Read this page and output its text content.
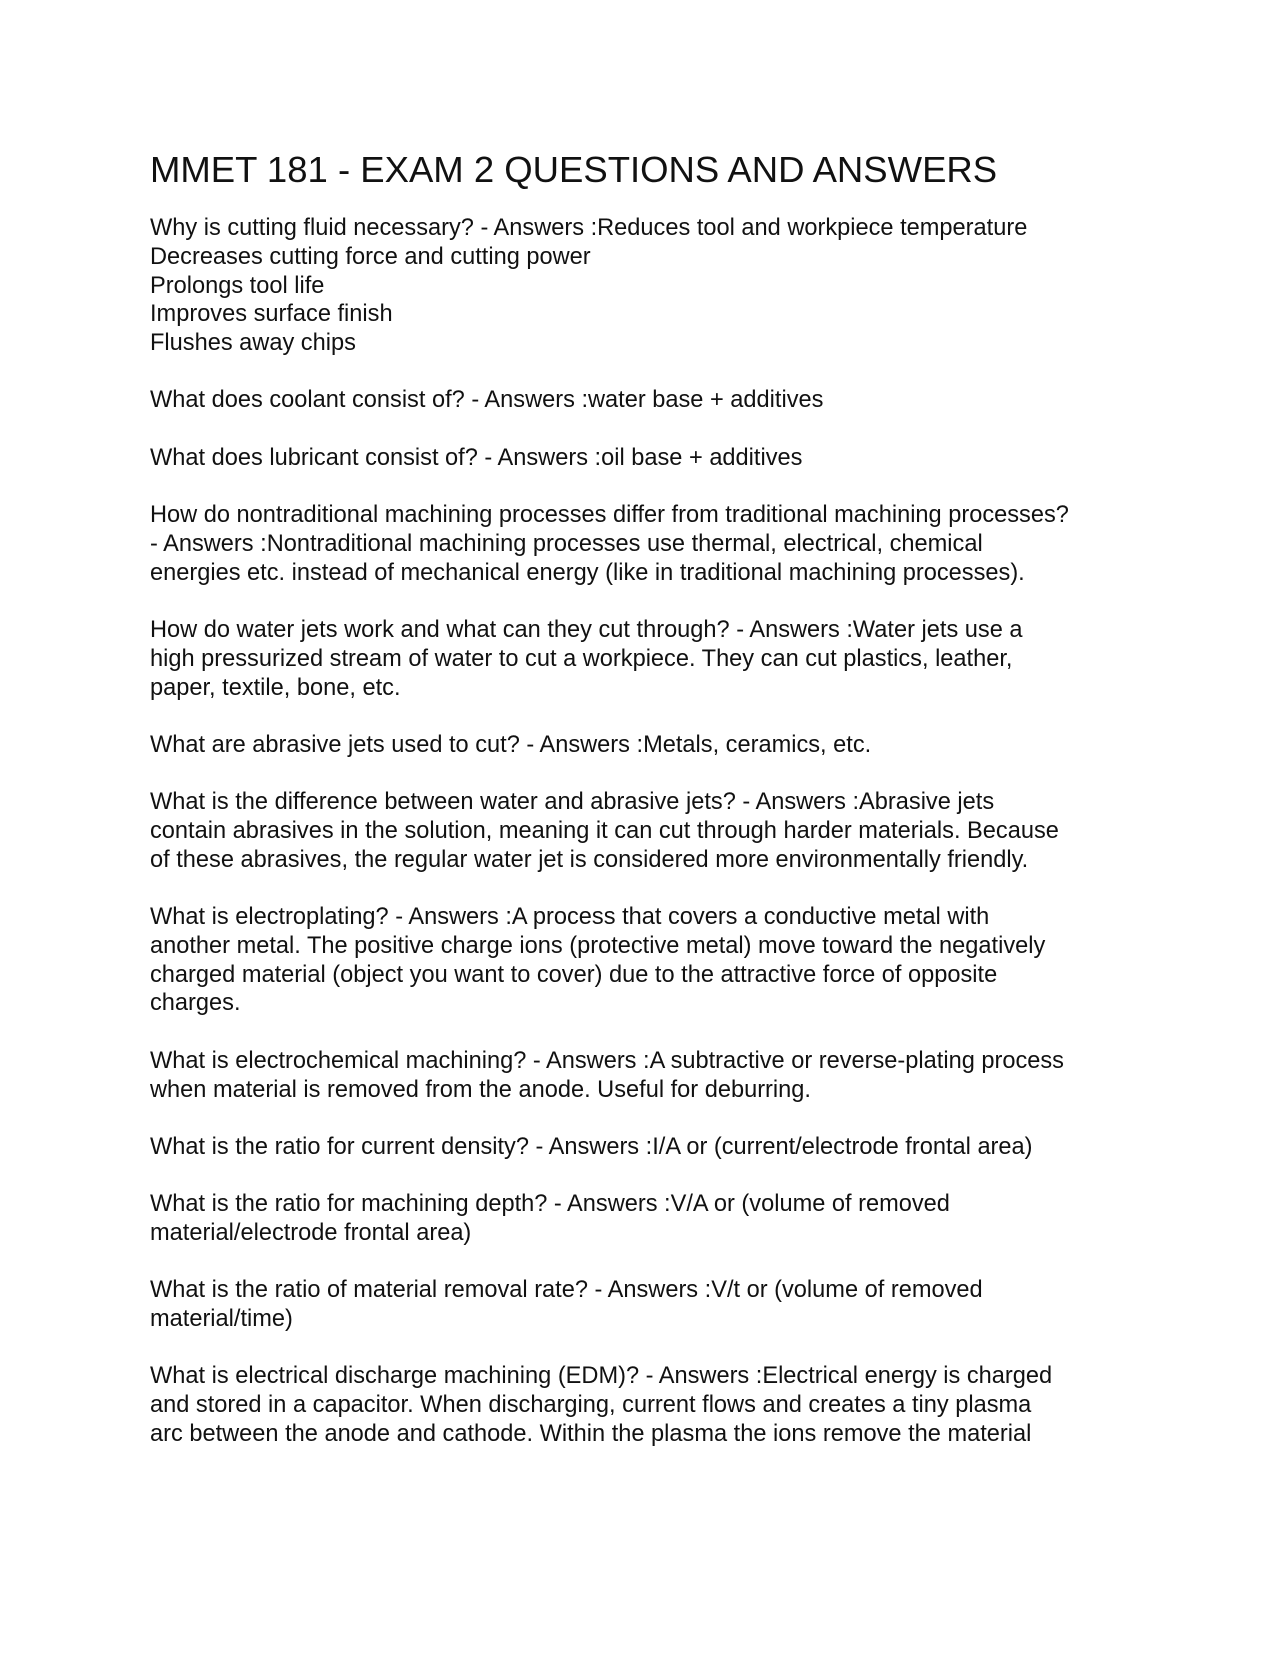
MMET 181 - EXAM 2 QUESTIONS AND ANSWERS
Why is cutting fluid necessary? - Answers :Reduces tool and workpiece temperature
Decreases cutting force and cutting power
Prolongs tool life
Improves surface finish
Flushes away chips
What does coolant consist of? - Answers :water base + additives
What does lubricant consist of? - Answers :oil base + additives
How do nontraditional machining processes differ from traditional machining processes?
- Answers :Nontraditional machining processes use thermal, electrical, chemical
energies etc. instead of mechanical energy (like in traditional machining processes).
How do water jets work and what can they cut through? - Answers :Water jets use a
high pressurized stream of water to cut a workpiece. They can cut plastics, leather,
paper, textile, bone, etc.
What are abrasive jets used to cut? - Answers :Metals, ceramics, etc.
What is the difference between water and abrasive jets? - Answers :Abrasive jets
contain abrasives in the solution, meaning it can cut through harder materials. Because
of these abrasives, the regular water jet is considered more environmentally friendly.
What is electroplating? - Answers :A process that covers a conductive metal with
another metal. The positive charge ions (protective metal) move toward the negatively
charged material (object you want to cover) due to the attractive force of opposite
charges.
What is electrochemical machining? - Answers :A subtractive or reverse-plating process
when material is removed from the anode. Useful for deburring.
What is the ratio for current density? - Answers :I/A or (current/electrode frontal area)
What is the ratio for machining depth? - Answers :V/A or (volume of removed
material/electrode frontal area)
What is the ratio of material removal rate? - Answers :V/t or (volume of removed
material/time)
What is electrical discharge machining (EDM)? - Answers :Electrical energy is charged
and stored in a capacitor. When discharging, current flows and creates a tiny plasma
arc between the anode and cathode. Within the plasma the ions remove the material
